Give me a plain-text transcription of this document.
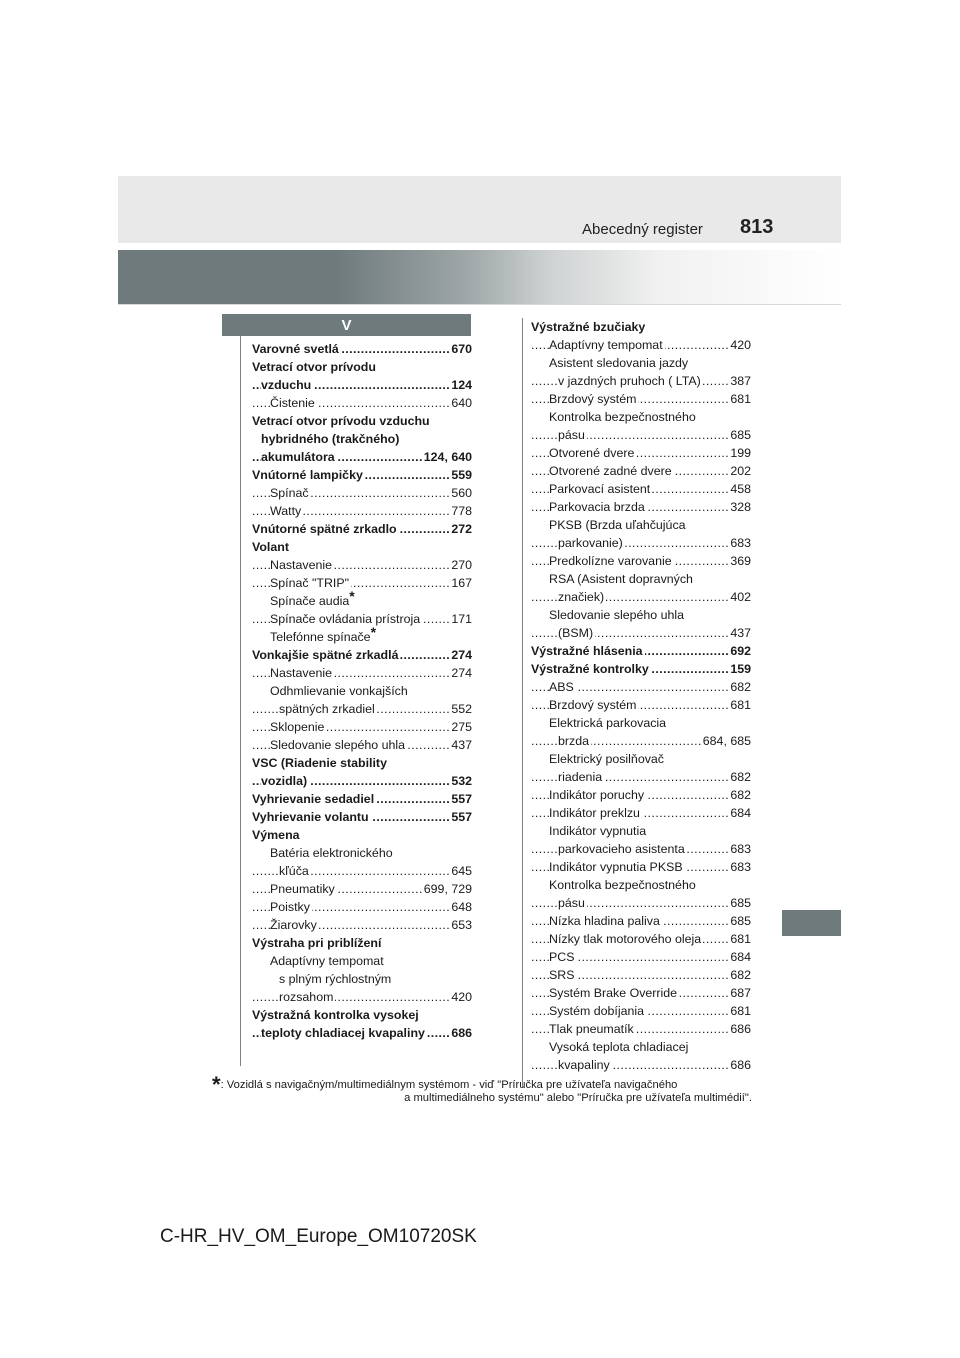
Abecedný register 813
V
. . .
Varovné svetlá	670
Vetrací otvor prívodu
. . .
vzduchu	124
. . .
Čistenie	640
Vetrací otvor prívodu vzduchu
hybridného (trakčného)
. . .
akumulátora	124, 640
. . .
Vnútorné lampičky	559
. . .
Spínač	560
. . .
Watty	778
. . .
Vnútorné spätné zrkadlo	272
Volant
. . .
Nastavenie	270
. . .
Spínač "TRIP"	167
Spínače audia*
. . .
Spínače ovládania prístroja	171
Telefónne spínače*
. . .
Vonkajšie spätné zrkadlá	274
. . .
Nastavenie	274
Odhmlievanie vonkajších
. . .
spätných zrkadiel	552
. . .
Sklopenie	275
. . .
Sledovanie slepého uhla	437
VSC (Riadenie stability
. . .
vozidla)	532
. . .
Vyhrievanie sedadiel	557
. . .
Vyhrievanie volantu	557
Výmena
Batéria elektronického
. . .
kľúča	645
. . .
Pneumatiky	699, 729
. . .
Poistky	648
. . .
Žiarovky	653
Výstraha pri priblížení
Adaptívny tempomat
s plným rýchlostným
. . .
rozsahom	420
Výstražná kontrolka vysokej
. . .
teploty chladiacej kvapaliny 686
Výstražné bzučiaky
. . .
Adaptívny tempomat	420
Asistent sledovania jazdy
. . .
v jazdných pruhoch ( LTA) 387
. . .
Brzdový systém	681
Kontrolka bezpečnostného
. . .
pásu	685
. . .
Otvorené dvere	199
. . .
Otvorené zadné dvere	202
. . .
Parkovací asistent	458
. . .
Parkovacia brzda	328
PKSB (Brzda uľahčujúca
. . .
parkovanie)	683
. . .
Predkolízne varovanie	369
RSA (Asistent dopravných
. . .
značiek)	402
Sledovanie slepého uhla
. . .
(BSM)	437
. . .
Výstražné hlásenia	692
. . .
Výstražné kontrolky	159
. . .
ABS	682
. . .
Brzdový systém	681
Elektrická parkovacia
. . .
brzda	684, 685
Elektrický posilňovač
. . .
riadenia	682
. . .
Indikátor poruchy	682
. . .
Indikátor preklzu	684
Indikátor vypnutia
. . .
parkovacieho asistenta	683
. . .
Indikátor vypnutia PKSB	683
Kontrolka bezpečnostného
. . .
pásu	685
. . .
Nízka hladina paliva	685
. . .
Nízky tlak motorového oleja 681
. . .
PCS	684
. . .
SRS	682
. . .
Systém Brake Override	687
. . .
Systém dobíjania	681
. . .
Tlak pneumatík	686
Vysoká teplota chladiacej
. . .
kvapaliny	686
*: Vozidlá s navigačným/multimediálnym systémom - viď "Príručka pre užívateľa navigačného
a multimediálneho systému" alebo "Príručka pre užívateľa multimédií".
C-HR_HV_OM_Europe_OM10720SK
